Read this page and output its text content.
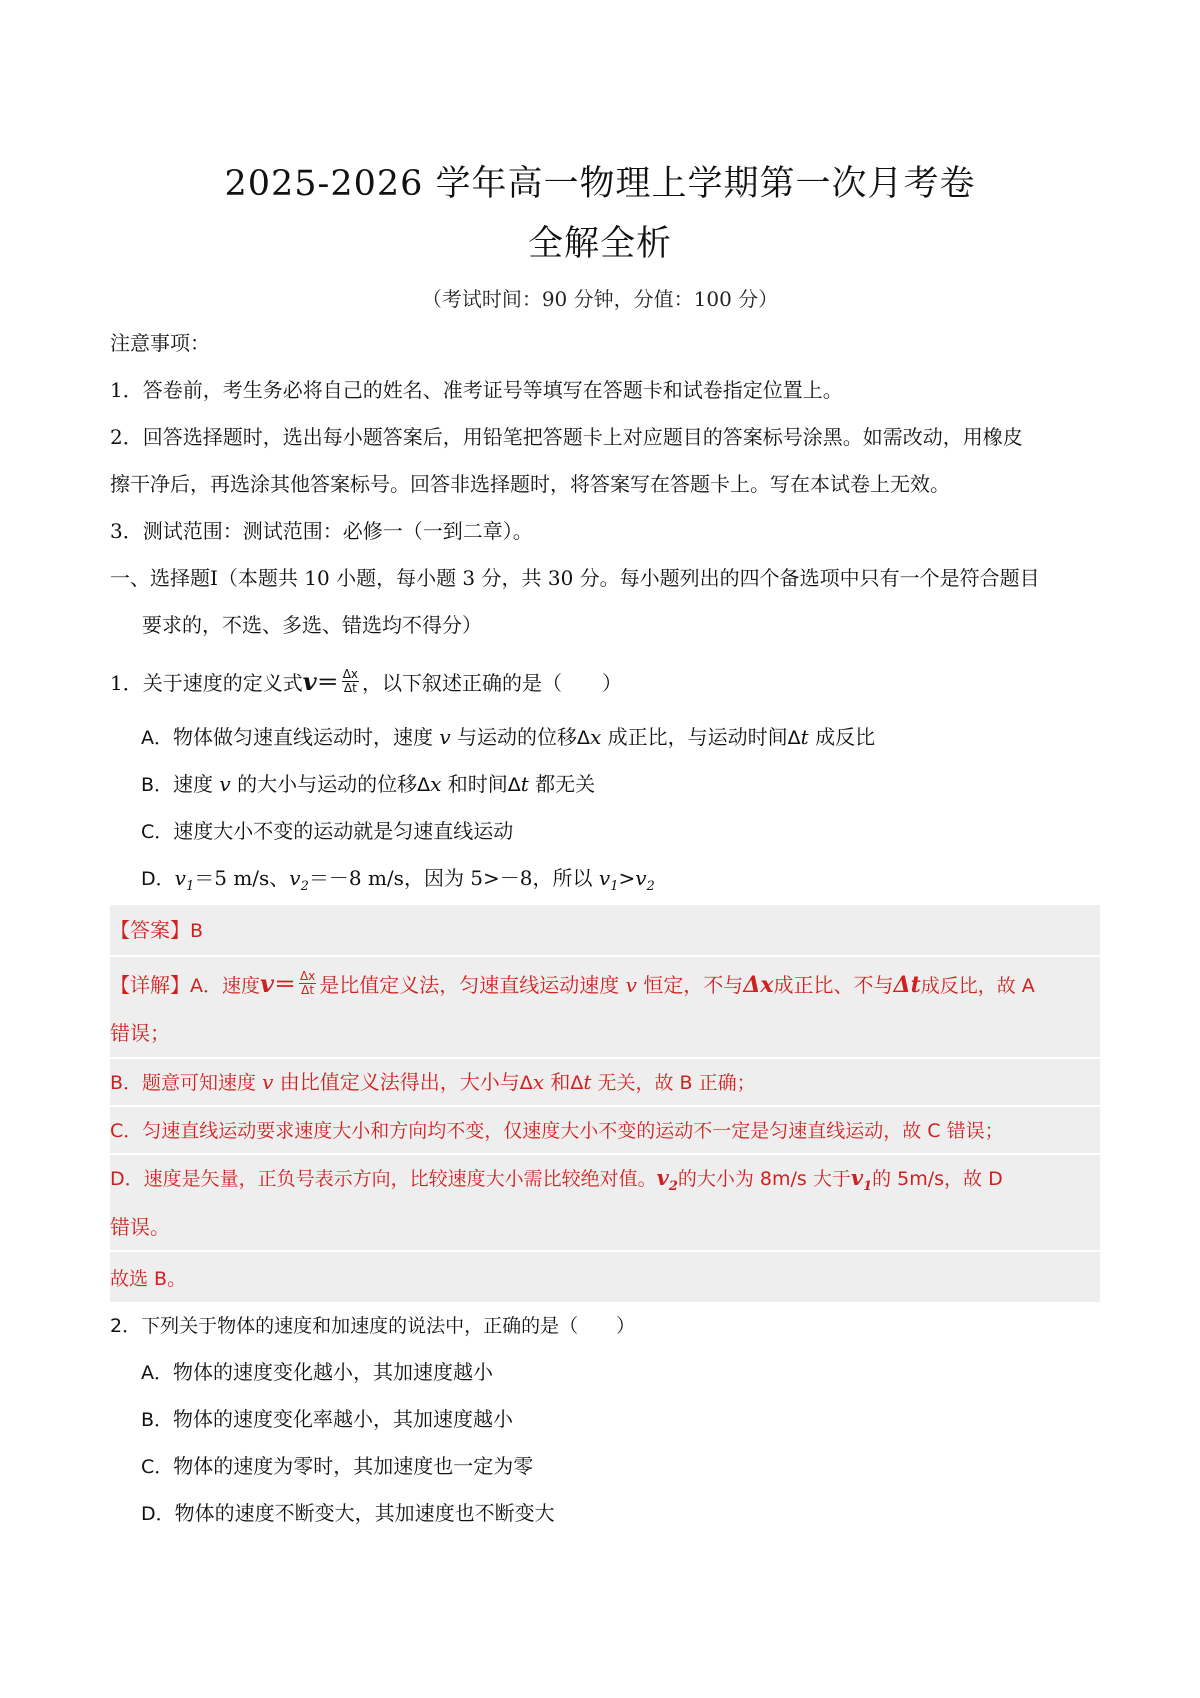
2025-2026 学年高一物理上学期第一次月考卷
全解全析
（考试时间：90 分钟，分值：100 分）
注意事项：
1．答卷前，考生务必将自己的姓名、准考证号等填写在答题卡和试卷指定位置上。
2．回答选择题时，选出每小题答案后，用铅笔把答题卡上对应题目的答案标号涂黑。如需改动，用橡皮
擦干净后，再选涂其他答案标号。回答非选择题时，将答案写在答题卡上。写在本试卷上无效。
3．测试范围：测试范围：必修一（一到二章）。
一、选择题Ⅰ（本题共 10 小题，每小题 3 分，共 30 分。每小题列出的四个备选项中只有一个是符合题目
要求的，不选、多选、错选均不得分）
1．关于速度的定义式$v= \frac{\Delta x}{\Delta t}$ ，以下叙述正确的是（　　）
A．物体做匀速直线运动时，速度 v 与运动的位移Δx 成正比，与运动时间Δt 成反比
B．速度 v 的大小与运动的位移Δx 和时间Δt 都无关
C．速度大小不变的运动就是匀速直线运动
D．$v_1=5$ m/s、$v_2=-8$ m/s，因为 5>－8，所以 $v_1>v_2$
【答案】B
【详解】A．速度$v= \frac{\Delta x}{\Delta t}$ 是比值定义法，匀速直线运动速度 v 恒定，不与Δx成正比、不与Δt成反比，故 A
错误；
B．题意可知速度 v 由比值定义法得出，大小与Δx 和Δt 无关，故 B 正确；
C．匀速直线运动要求速度大小和方向均不变，仅速度大小不变的运动不一定是匀速直线运动，故 C 错误；
D．速度是矢量，正负号表示方向，比较速度大小需比较绝对值。$v_2$的大小为 8m/s 大于$v_1$的 5m/s，故 D
错误。
故选 B。
2．下列关于物体的速度和加速度的说法中，正确的是（　　）
A．物体的速度变化越小，其加速度越小
B．物体的速度变化率越小，其加速度越小
C．物体的速度为零时，其加速度也一定为零
D．物体的速度不断变大，其加速度也不断变大
